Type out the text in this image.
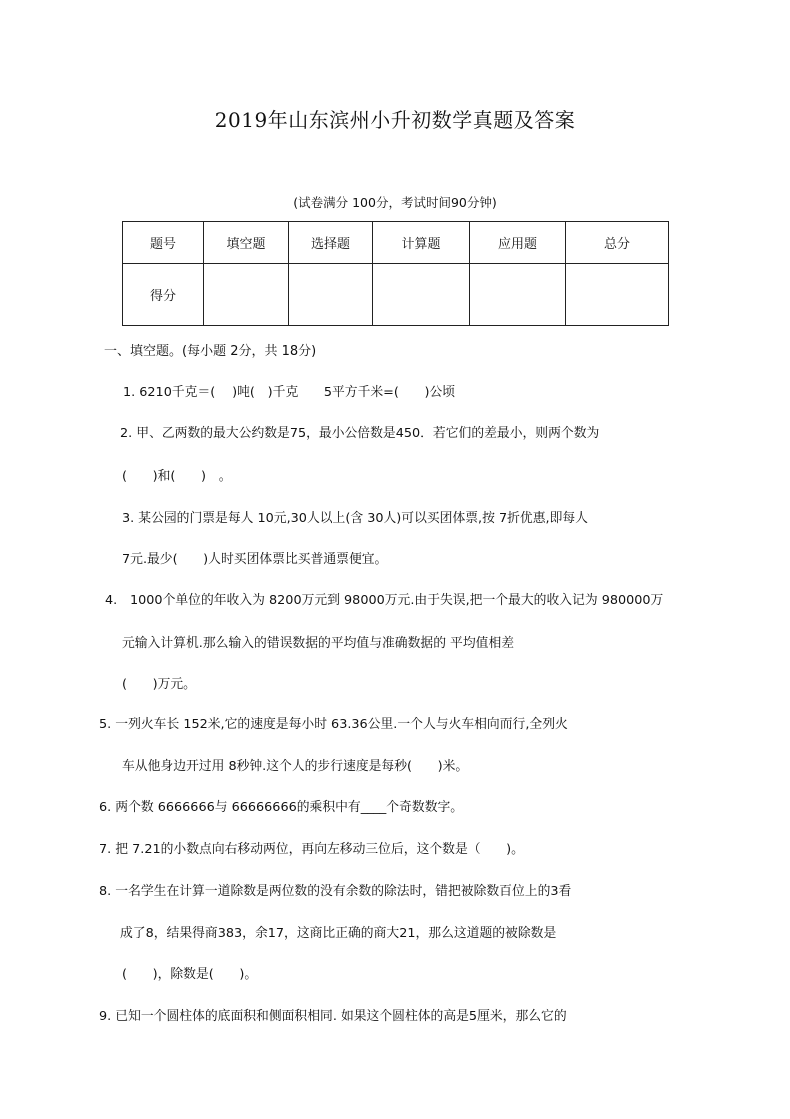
2019年山东滨州小升初数学真题及答案
(试卷满分 100分，考试时间90分钟)
题号	填空题	选择题	计算题	应用题	总分
得分					
一、填空题。(每小题 2分，共 18分)
1. 6210千克＝(　 )吨(　)千克　　5平方千米=(　　)公顷
2. 甲、乙两数的最大公约数是75，最小公倍数是450．若它们的差最小，则两个数为
(　　)和(　　)　。
3. 某公园的门票是每人 10元,30人以上(含 30人)可以买团体票,按 7折优惠,即每人
7元.最少(　　)人时买团体票比买普通票便宜。
4.　1000个单位的年收入为 8200万元到 98000万元.由于失误,把一个最大的收入记为 980000万
元输入计算机.那么输入的错误数据的平均值与准确数据的 平均值相差
(　　)万元。
5. 一列火车长 152米,它的速度是每小时 63.36公里.一个人与火车相向而行,全列火
车从他身边开过用 8秒钟.这个人的步行速度是每秒(　　)米。
6. 两个数 6666666与 66666666的乘积中有____个奇数数字。
7. 把 7.21的小数点向右移动两位，再向左移动三位后，这个数是（　　)。
8. 一名学生在计算一道除数是两位数的没有余数的除法时，错把被除数百位上的3看
成了8，结果得商383，余17，这商比正确的商大21，那么这道题的被除数是
(　　)，除数是(　　)。
9. 已知一个圆柱体的底面积和侧面积相同. 如果这个圆柱体的高是5厘米，那么它的
